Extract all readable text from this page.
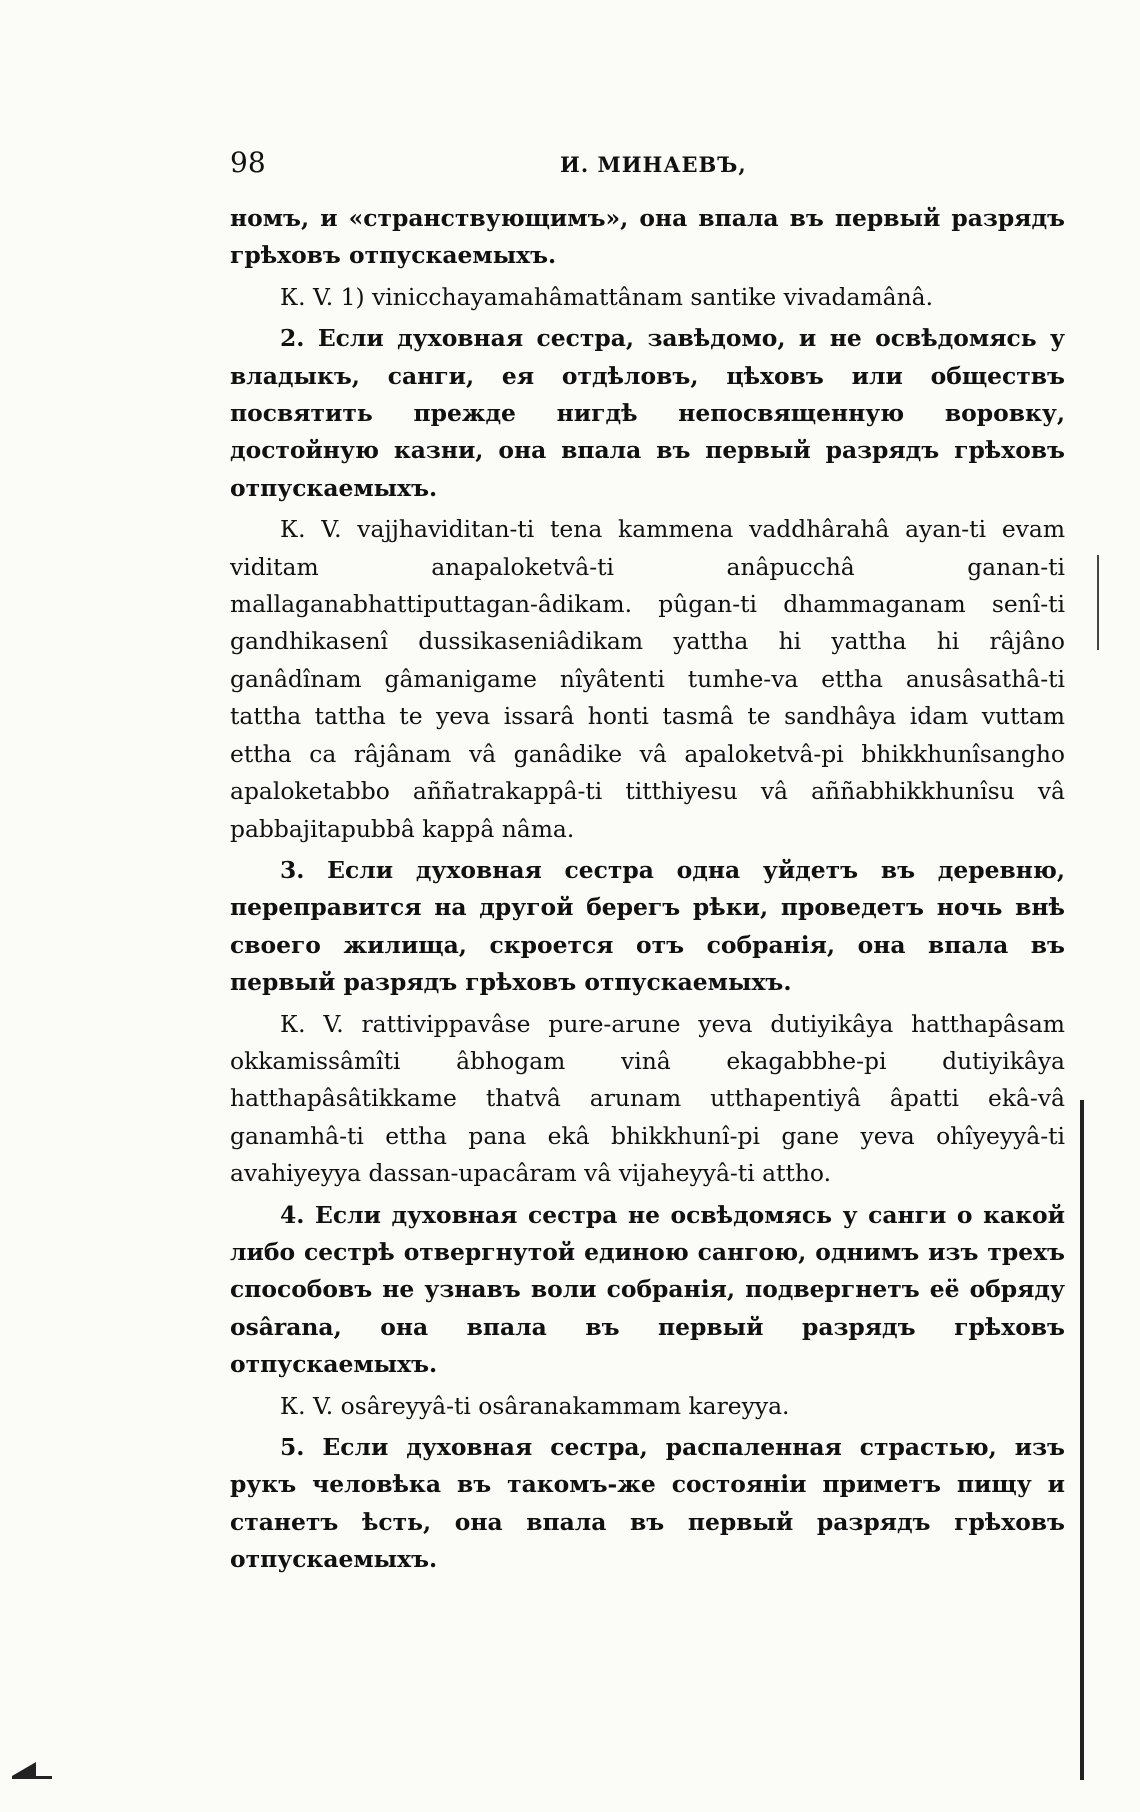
98	И. МИНАЕВЪ,

номъ, и «странствующимъ», она впала въ первый разрядъ грѣховъ отпускаемыхъ.

К. V. 1) vinicchayamahâmattânam santike vivadamânâ.

2. Если духовная сестра, завѣдомо, и не освѣдомясь у владыкъ, санги, ея отдѣловъ, цѣховъ или обществъ посвятить прежде нигдѣ непосвященную воровку, достойную казни, она впала въ первый разрядъ грѣховъ отпускаемыхъ.

К. V. vajjhaviditan-ti tena kammena vaddhârahâ ayan-ti evam viditam anapaloketvâ-ti anâpucchâ ganan-ti mallaganabhattiputtagan-âdikam. pûgan-ti dhammaganam senî-ti gandhikasenî dussikaseniâdikam yattha hi yattha hi râjâno ganâdînam gâmanigame nîyâtenti tumhe-va ettha anusâsathâ-ti tattha tattha te yeva issarâ honti tasmâ te sandhâya idam vuttam ettha ca râjânam vâ ganâdike vâ apaloketvâ-pi bhikkhunîsangho apaloketabbo aññatrakappâ-ti titthiyesu vâ aññabhikkhunîsu vâ pabbajitapubbâ kappâ nâma.

3. Если духовная сестра одна уйдетъ въ деревню, переправится на другой берегъ рѣки, проведетъ ночь внѣ своего жилища, скроется отъ собранія, она впала въ первый разрядъ грѣховъ отпускаемыхъ.

К. V. rattivippavâse pure-arune yeva dutiyikâya hatthapâsam okkamissâmîti âbhogam vinâ ekagabbhe-pi dutiyikâya hatthapâsâtikkame thatvâ arunam utthapentiyâ âpatti ekâ-vâ ganamhâ-ti ettha pana ekâ bhikkhunî-pi gane yeva ohîyeyyâ-ti avahiyeyya dassan-upacâram vâ vijaheyyâ-ti attho.

4. Если духовная сестра не освѣдомясь у санги о какой либо сестрѣ отвергнутой единою сангою, однимъ изъ трехъ способовъ не узнавъ воли собранія, подвергнетъ её обряду osârana, она впала въ первый разрядъ грѣховъ отпускаемыхъ.

К. V. osâreyyâ-ti osâranakammam kareyya.

5. Если духовная сестра, распаленная страстью, изъ рукъ человѣка въ такомъ-же состояніи приметъ пищу и станетъ ѣсть, она впала въ первый разрядъ грѣховъ отпускаемыхъ.
